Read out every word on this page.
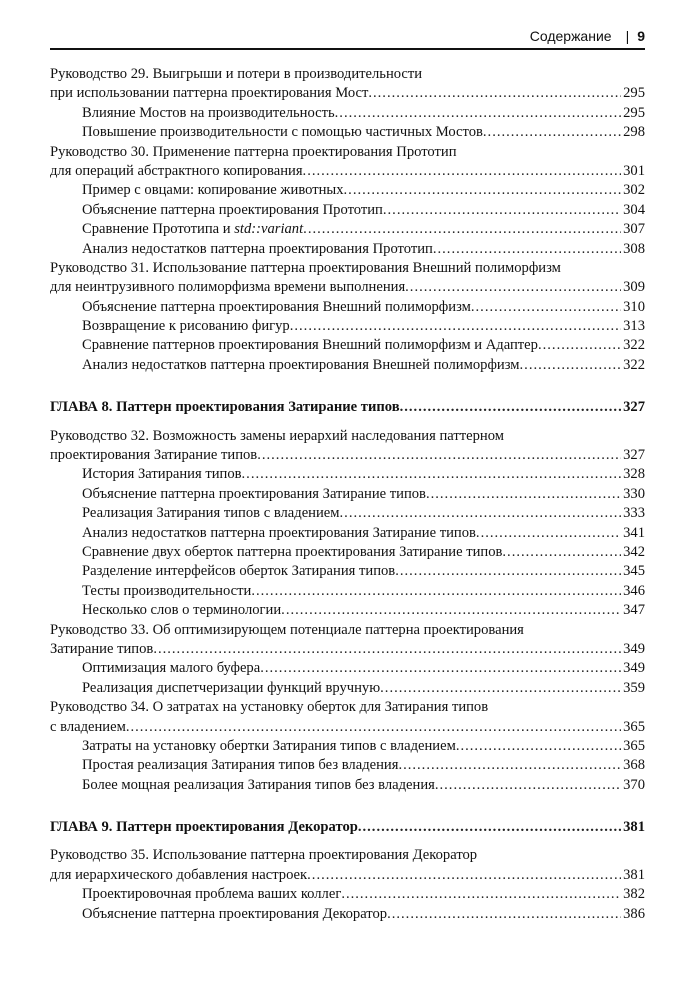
Содержание | 9
Руководство 29. Выигрыши и потери в производительности
при использовании паттерна проектирования Мост .....	295
Влияние Мостов на производительность .....	295
Повышение производительности с помощью частичных Мостов .....	298
Руководство 30. Применение паттерна проектирования Прототип
для операций абстрактного копирования .....	301
Пример с овцами: копирование животных .....	302
Объяснение паттерна проектирования Прототип .....	304
Сравнение Прототипа и std::variant .....	307
Анализ недостатков паттерна проектирования Прототип .....	308
Руководство 31. Использование паттерна проектирования Внешний полиморфизм
для неинтрузивного полиморфизма времени выполнения .....	309
Объяснение паттерна проектирования Внешний полиморфизм .....	310
Возвращение к рисованию фигур .....	313
Сравнение паттернов проектирования Внешний полиморфизм и Адаптер .....	322
Анализ недостатков паттерна проектирования Внешней полиморфизм .....	322
ГЛАВА 8. Паттерн проектирования Затирание типов .....	327
Руководство 32. Возможность замены иерархий наследования паттерном
проектирования Затирание типов .....	327
История Затирания типов .....	328
Объяснение паттерна проектирования Затирание типов .....	330
Реализация Затирания типов с владением .....	333
Анализ недостатков паттерна проектирования Затирание типов .....	341
Сравнение двух оберток паттерна проектирования Затирание типов .....	342
Разделение интерфейсов оберток Затирания типов .....	345
Тесты производительности .....	346
Несколько слов о терминологии .....	347
Руководство 33. Об оптимизирующем потенциале паттерна проектирования
Затирание типов .....	349
Оптимизация малого буфера .....	349
Реализация диспетчеризации функций вручную .....	359
Руководство 34. О затратах на установку оберток для Затирания типов
с владением .....	365
Затраты на установку обертки Затирания типов с владением .....	365
Простая реализация Затирания типов без владения .....	368
Более мощная реализация Затирания типов без владения .....	370
ГЛАВА 9. Паттерн проектирования Декоратор .....	381
Руководство 35. Использование паттерна проектирования Декоратор
для иерархического добавления настроек .....	381
Проектировочная проблема ваших коллег .....	382
Объяснение паттерна проектирования Декоратор .....	386
